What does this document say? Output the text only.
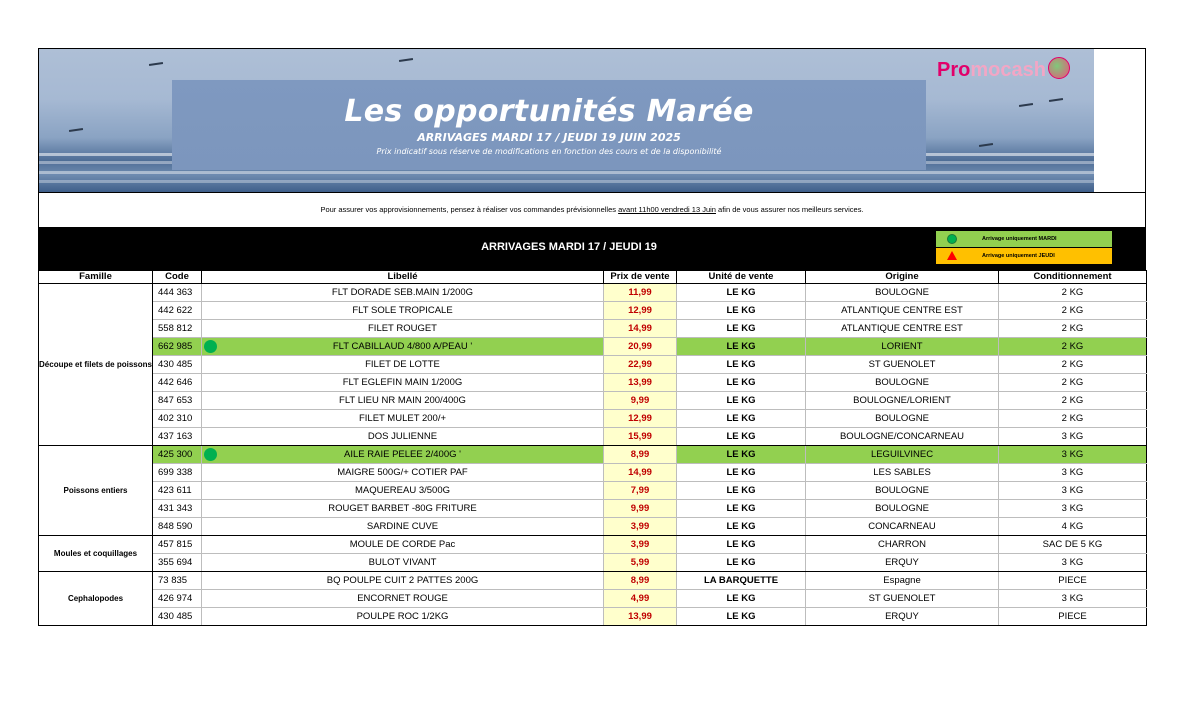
Les opportunités Marée
ARRIVAGES MARDI 17 / JEUDI 19 JUIN 2025
Prix indicatif sous réserve de modifications en fonction des cours et de la disponibilité
Promocash
Pour assurer vos approvisionnements, pensez à réaliser vos commandes prévisionnelles avant 11h00 vendredi 13 Juin afin de vous assurer nos meilleurs services.
ARRIVAGES MARDI 17 / JEUDI 19
Arrivage uniquement MARDI
Arrivage uniquement JEUDI
Famille	Code	Libellé	Prix de vente	Unité de vente	Origine	Conditionnement
Découpe et filets de poissons	444 363	FLT DORADE SEB.MAIN 1/200G	11,99	LE KG	BOULOGNE	2 KG
	442 622	FLT SOLE TROPICALE	12,99	LE KG	ATLANTIQUE CENTRE EST	2 KG
	558 812	FILET ROUGET	14,99	LE KG	ATLANTIQUE CENTRE EST	2 KG
	662 985	FLT CABILLAUD 4/800 A/PEAU '	20,99	LE KG	LORIENT	2 KG
	430 485	FILET DE LOTTE	22,99	LE KG	ST GUENOLET	2 KG
	442 646	FLT EGLEFIN MAIN 1/200G	13,99	LE KG	BOULOGNE	2 KG
	847 653	FLT LIEU NR MAIN 200/400G	9,99	LE KG	BOULOGNE/LORIENT	2 KG
	402 310	FILET MULET 200/+	12,99	LE KG	BOULOGNE	2 KG
	437 163	DOS JULIENNE	15,99	LE KG	BOULOGNE/CONCARNEAU	3 KG
Poissons entiers	425 300	AILE RAIE PELEE 2/400G '	8,99	LE KG	LEGUILVINEC	3 KG
	699 338	MAIGRE 500G/+ COTIER PAF	14,99	LE KG	LES SABLES	3 KG
	423 611	MAQUEREAU 3/500G	7,99	LE KG	BOULOGNE	3 KG
	431 343	ROUGET BARBET -80G FRITURE	9,99	LE KG	BOULOGNE	3 KG
	848 590	SARDINE CUVE	3,99	LE KG	CONCARNEAU	4 KG
Moules et coquillages	457 815	MOULE DE CORDE Pac	3,99	LE KG	CHARRON	SAC DE 5 KG
	355 694	BULOT VIVANT	5,99	LE KG	ERQUY	3 KG
Cephalopodes	73 835	BQ POULPE CUIT 2 PATTES 200G	8,99	LA BARQUETTE	Espagne	PIECE
	426 974	ENCORNET ROUGE	4,99	LE KG	ST GUENOLET	3 KG
	430 485	POULPE ROC 1/2KG	13,99	LE KG	ERQUY	PIECE
